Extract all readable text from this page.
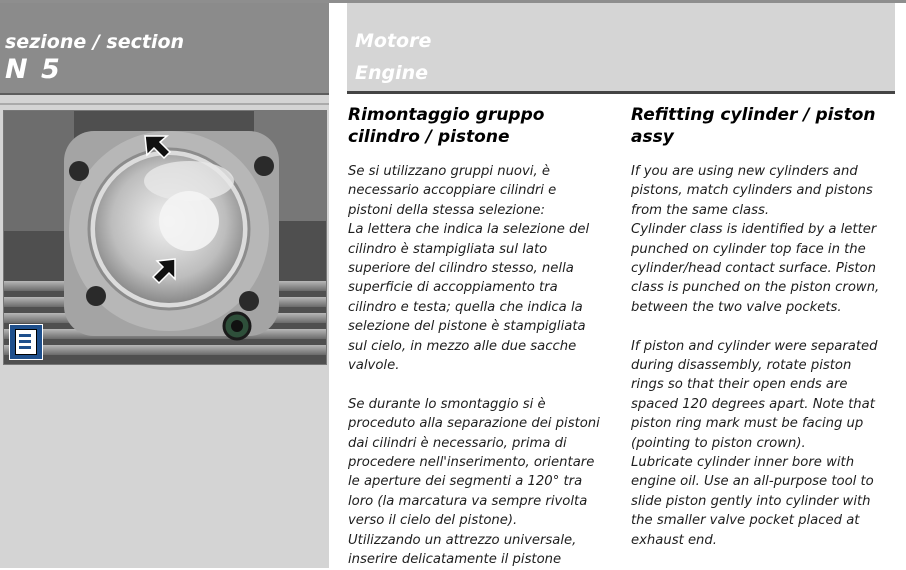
sezione / section
N 5
Motore
Engine
Rimontaggio gruppo cilindro / pistone

Se si utilizzano gruppi nuovi, è
necessario accoppiare cilindri e
pistoni della stessa selezione:
La lettera che indica la selezione del
cilindro è stampigliata sul lato
superiore del cilindro stesso, nella
superficie di accoppiamento tra
cilindro e testa; quella che indica la
selezione del pistone è stampigliata
sul cielo, in mezzo alle due sacche
valvole.

Se durante lo smontaggio si è
proceduto alla separazione dei pistoni
dai cilindri è necessario, prima di
procedere nell'inserimento, orientare
le aperture dei segmenti a 120° tra
loro (la marcatura va sempre rivolta
verso il cielo del pistone).
Utilizzando un attrezzo universale,
inserire delicatamente il pistone

Refitting cylinder / piston assy

If you are using new cylinders and
pistons, match cylinders and pistons
from the same class.
Cylinder class is identified by a letter
punched on cylinder top face in the
cylinder/head contact surface. Piston
class is punched on the piston crown,
between the two valve pockets.

If piston and cylinder were separated
during disassembly, rotate piston
rings so that their open ends are
spaced 120 degrees apart. Note that
piston ring mark must be facing up
(pointing to piston crown).
Lubricate cylinder inner bore with
engine oil. Use an all-purpose tool to
slide piston gently into cylinder with
the smaller valve pocket placed at
exhaust end.
